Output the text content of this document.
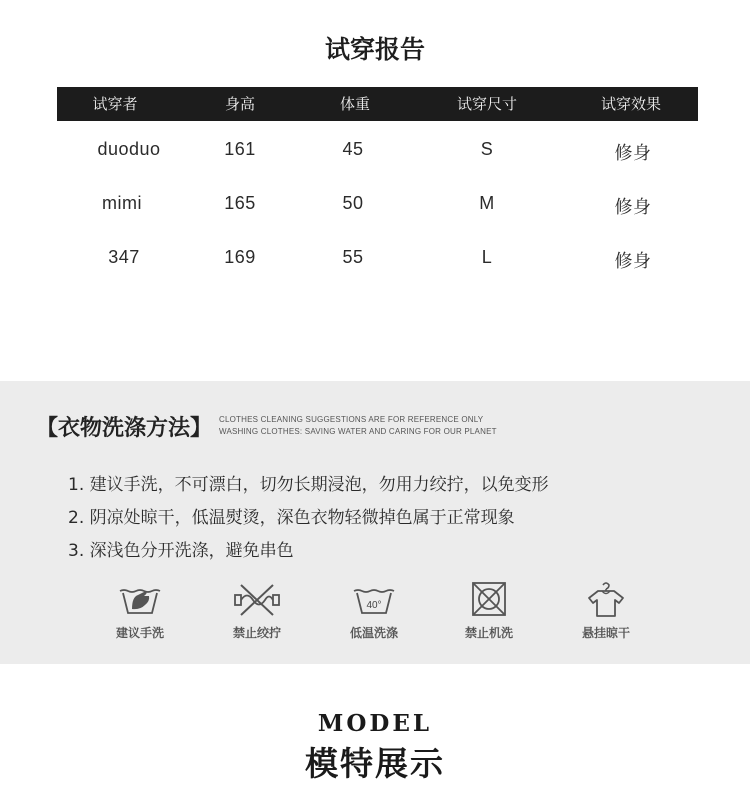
试穿报告
试穿者	身高	体重	试穿尺寸	试穿效果
duoduo	161	45	S	修身
mimi	165	50	M	修身
347	169	55	L	修身
【衣物洗涤方法】 CLOTHES CLEANING SUGGESTIONS ARE FOR REFERENCE ONLY
WASHING CLOTHES: SAVING WATER AND CARING FOR OUR PLANET
1. 建议手洗，不可漂白，切勿长期浸泡，勿用力绞拧，以免变形
2. 阴凉处晾干，低温熨烫，深色衣物轻微掉色属于正常现象
3. 深浅色分开洗涤，避免串色
建议手洗	禁止绞拧
40°
低温洗涤	禁止机洗	悬挂晾干
MODEL
模特展示
